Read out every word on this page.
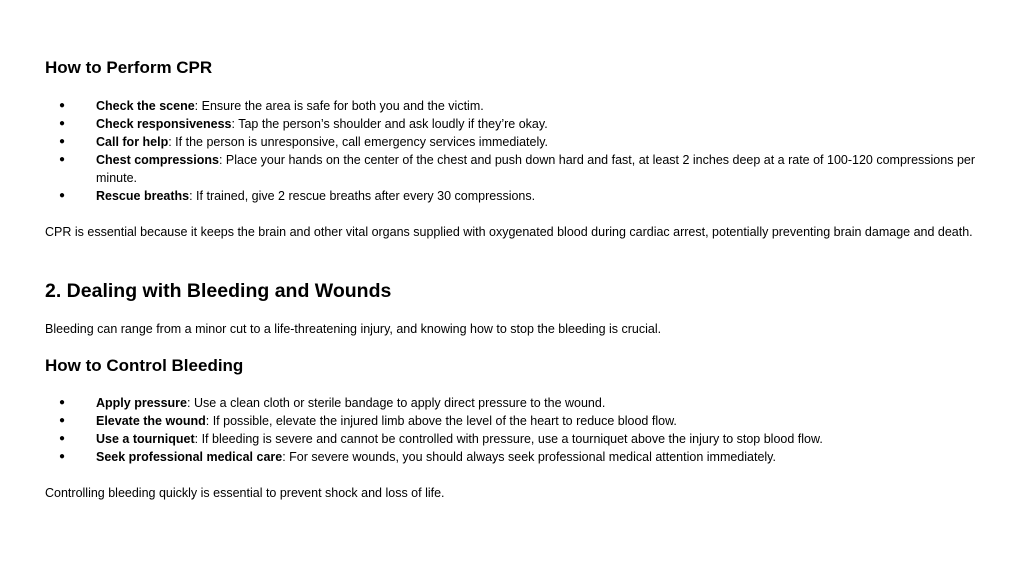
How to Perform CPR
● Check the scene: Ensure the area is safe for both you and the victim.
● Check responsiveness: Tap the person’s shoulder and ask loudly if they’re okay.
● Call for help: If the person is unresponsive, call emergency services immediately.
● Chest compressions: Place your hands on the center of the chest and push down hard and fast, at least 2 inches deep at a rate of 100-120 compressions per minute.
● Rescue breaths: If trained, give 2 rescue breaths after every 30 compressions.

CPR is essential because it keeps the brain and other vital organs supplied with oxygenated blood during cardiac arrest, potentially preventing brain damage and death.

2. Dealing with Bleeding and Wounds

Bleeding can range from a minor cut to a life-threatening injury, and knowing how to stop the bleeding is crucial.

How to Control Bleeding
● Apply pressure: Use a clean cloth or sterile bandage to apply direct pressure to the wound.
● Elevate the wound: If possible, elevate the injured limb above the level of the heart to reduce blood flow.
● Use a tourniquet: If bleeding is severe and cannot be controlled with pressure, use a tourniquet above the injury to stop blood flow.
● Seek professional medical care: For severe wounds, you should always seek professional medical attention immediately.

Controlling bleeding quickly is essential to prevent shock and loss of life.
